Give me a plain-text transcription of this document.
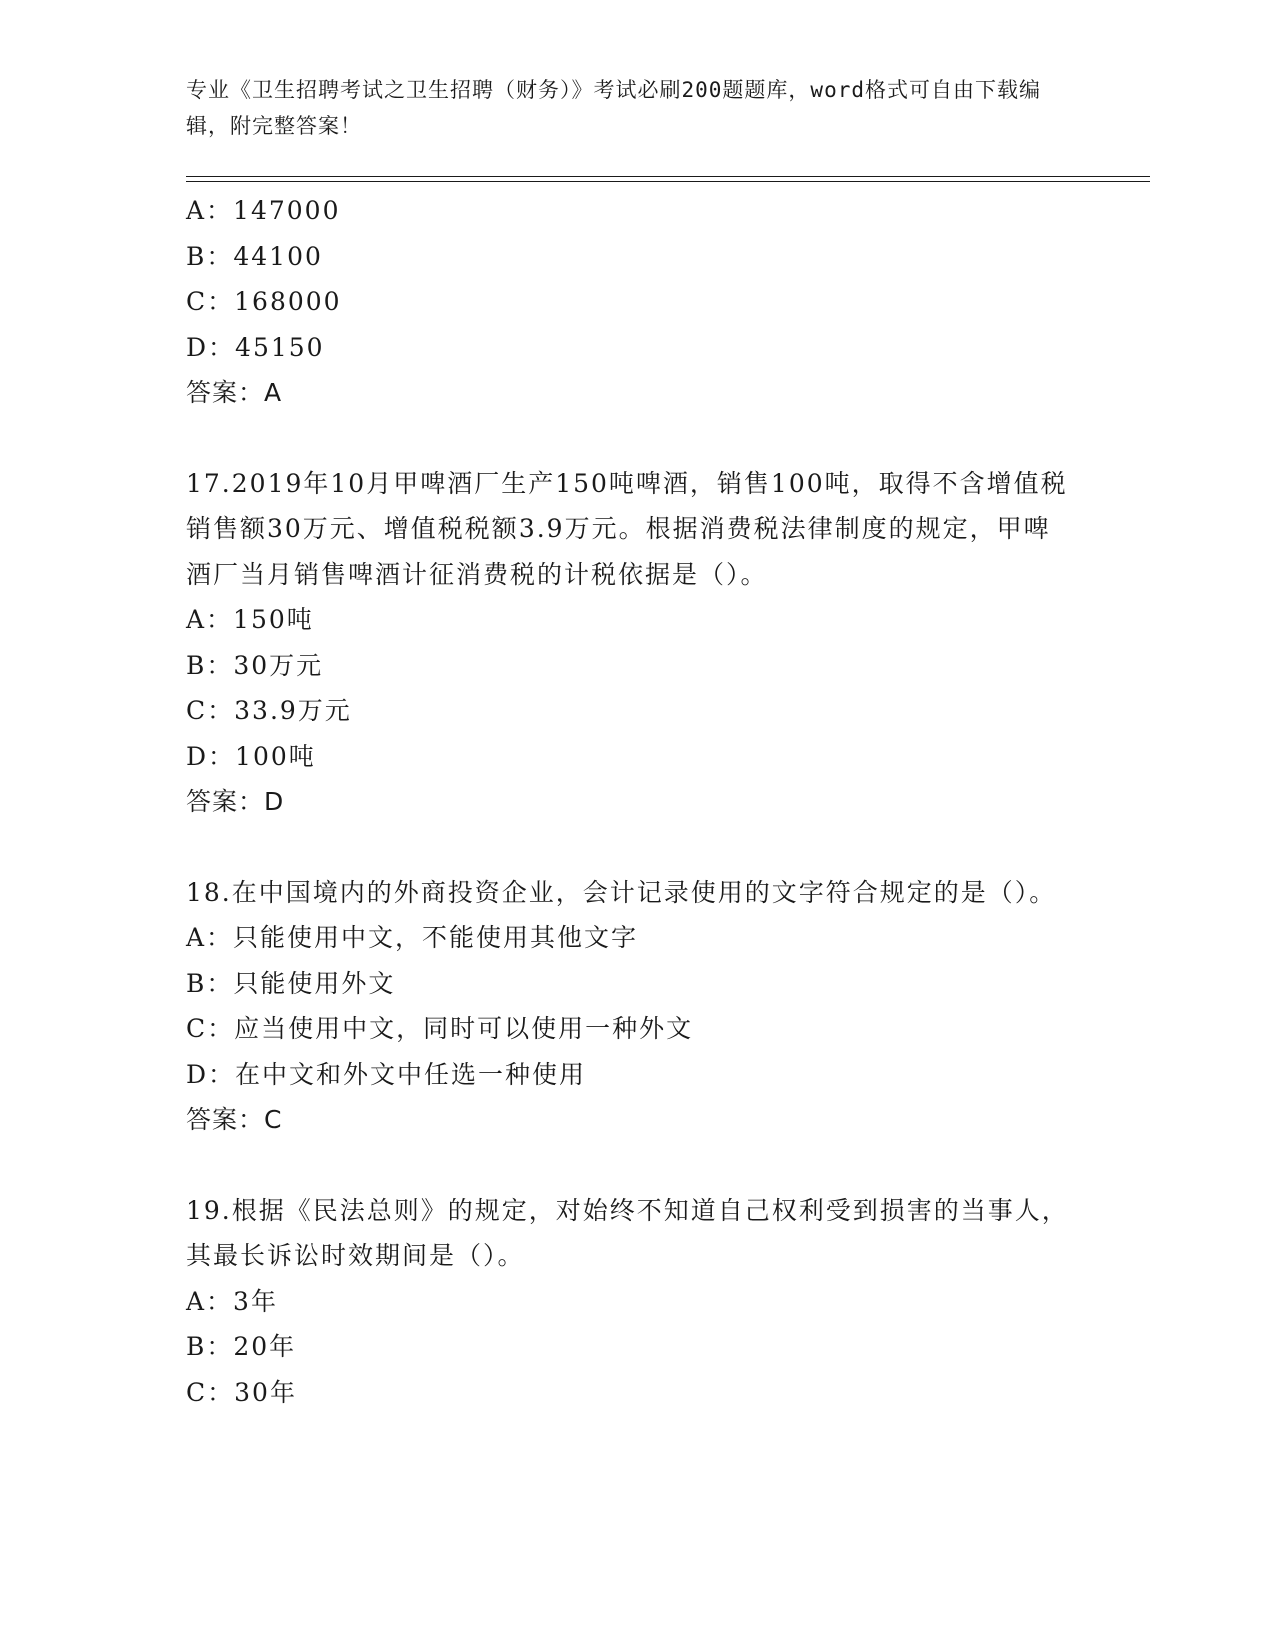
专业《卫生招聘考试之卫生招聘（财务）》考试必刷200题题库，word格式可自由下载编辑，附完整答案！
A：147000
B：44100
C：168000
D：45150
答案：A
17.2019年10月甲啤酒厂生产150吨啤酒，销售100吨，取得不含增值税销售额30万元、增值税税额3.9万元。根据消费税法律制度的规定，甲啤酒厂当月销售啤酒计征消费税的计税依据是（）。
A：150吨
B：30万元
C：33.9万元
D：100吨
答案：D
18.在中国境内的外商投资企业，会计记录使用的文字符合规定的是（）。
A：只能使用中文，不能使用其他文字
B：只能使用外文
C：应当使用中文，同时可以使用一种外文
D：在中文和外文中任选一种使用
答案：C
19.根据《民法总则》的规定，对始终不知道自己权利受到损害的当事人，其最长诉讼时效期间是（）。
A：3年
B：20年
C：30年
